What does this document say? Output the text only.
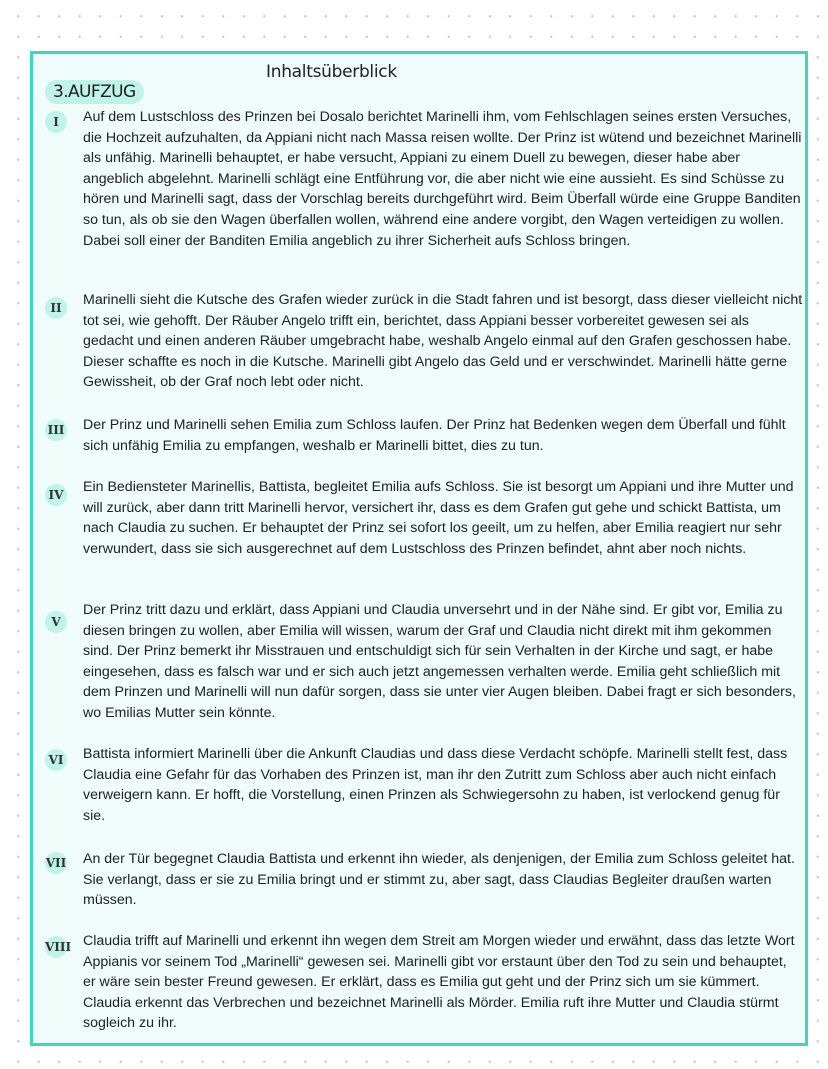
Inhaltsüberblick
3.AUFZUG
I	Auf dem Lustschloss des Prinzen bei Dosalo berichtet Marinelli ihm, vom Fehlschlagen seines ersten Versuches, die Hochzeit aufzuhalten, da Appiani nicht nach Massa reisen wollte. Der Prinz ist wütend und bezeichnet Marinelli als unfähig. Marinelli behauptet, er habe versucht, Appiani zu einem Duell zu bewegen, dieser habe aber angeblich abgelehnt. Marinelli schlägt eine Entführung vor, die aber nicht wie eine aussieht. Es sind Schüsse zu hören und Marinelli sagt, dass der Vorschlag bereits durchgeführt wird. Beim Überfall würde eine Gruppe Banditen so tun, als ob sie den Wagen überfallen wollen, während eine andere vorgibt, den Wagen verteidigen zu wollen. Dabei soll einer der Banditen Emilia angeblich zu ihrer Sicherheit aufs Schloss bringen.
II	Marinelli sieht die Kutsche des Grafen wieder zurück in die Stadt fahren und ist besorgt, dass dieser vielleicht nicht tot sei, wie gehofft. Der Räuber Angelo trifft ein, berichtet, dass Appiani besser vorbereitet gewesen sei als gedacht und einen anderen Räuber umgebracht habe, weshalb Angelo einmal auf den Grafen geschossen habe. Dieser schaffte es noch in die Kutsche. Marinelli gibt Angelo das Geld und er verschwindet. Marinelli hätte gerne Gewissheit, ob der Graf noch lebt oder nicht.
III Der Prinz und Marinelli sehen Emilia zum Schloss laufen. Der Prinz hat Bedenken wegen dem Überfall und fühlt sich unfähig Emilia zu empfangen, weshalb er Marinelli bittet, dies zu tun.
IV Ein Bediensteter Marinellis, Battista, begleitet Emilia aufs Schloss. Sie ist besorgt um Appiani und ihre Mutter und will zurück, aber dann tritt Marinelli hervor, versichert ihr, dass es dem Grafen gut gehe und schickt Battista, um nach Claudia zu suchen. Er behauptet der Prinz sei sofort los geeilt, um zu helfen, aber Emilia reagiert nur sehr verwundert, dass sie sich ausgerechnet auf dem Lustschloss des Prinzen befindet, ahnt aber noch nichts.
V
Der Prinz tritt dazu und erklärt, dass Appiani und Claudia unversehrt und in der Nähe sind. Er gibt vor, Emilia zu diesen bringen zu wollen, aber Emilia will wissen, warum der Graf und Claudia nicht direkt mit ihm gekommen sind. Der Prinz bemerkt ihr Misstrauen und entschuldigt sich für sein Verhalten in der Kirche und sagt, er habe eingesehen, dass es falsch war und er sich auch jetzt angemessen verhalten werde. Emilia geht schließlich mit dem Prinzen und Marinelli will nun dafür sorgen, dass sie unter vier Augen bleiben. Dabei fragt er sich besonders, wo Emilias Mutter sein könnte.
VI Battista informiert Marinelli über die Ankunft Claudias und dass diese Verdacht schöpfe. Marinelli stellt fest, dass Claudia eine Gefahr für das Vorhaben des Prinzen ist, man ihr den Zutritt zum Schloss aber auch nicht einfach verweigern kann. Er hofft, die Vorstellung, einen Prinzen als Schwiegersohn zu haben, ist verlockend genug für sie.
VII An der Tür begegnet Claudia Battista und erkennt ihn wieder, als denjenigen, der Emilia zum Schloss geleitet hat. Sie verlangt, dass er sie zu Emilia bringt und er stimmt zu, aber sagt, dass Claudias Begleiter draußen warten müssen.
VIII Claudia trifft auf Marinelli und erkennt ihn wegen dem Streit am Morgen wieder und erwähnt, dass das letzte Wort Appianis vor seinem Tod „Marinelli“ gewesen sei. Marinelli gibt vor erstaunt über den Tod zu sein und behauptet, er wäre sein bester Freund gewesen. Er erklärt, dass es Emilia gut geht und der Prinz sich um sie kümmert. Claudia erkennt das Verbrechen und bezeichnet Marinelli als Mörder. Emilia ruft ihre Mutter und Claudia stürmt sogleich zu ihr.
